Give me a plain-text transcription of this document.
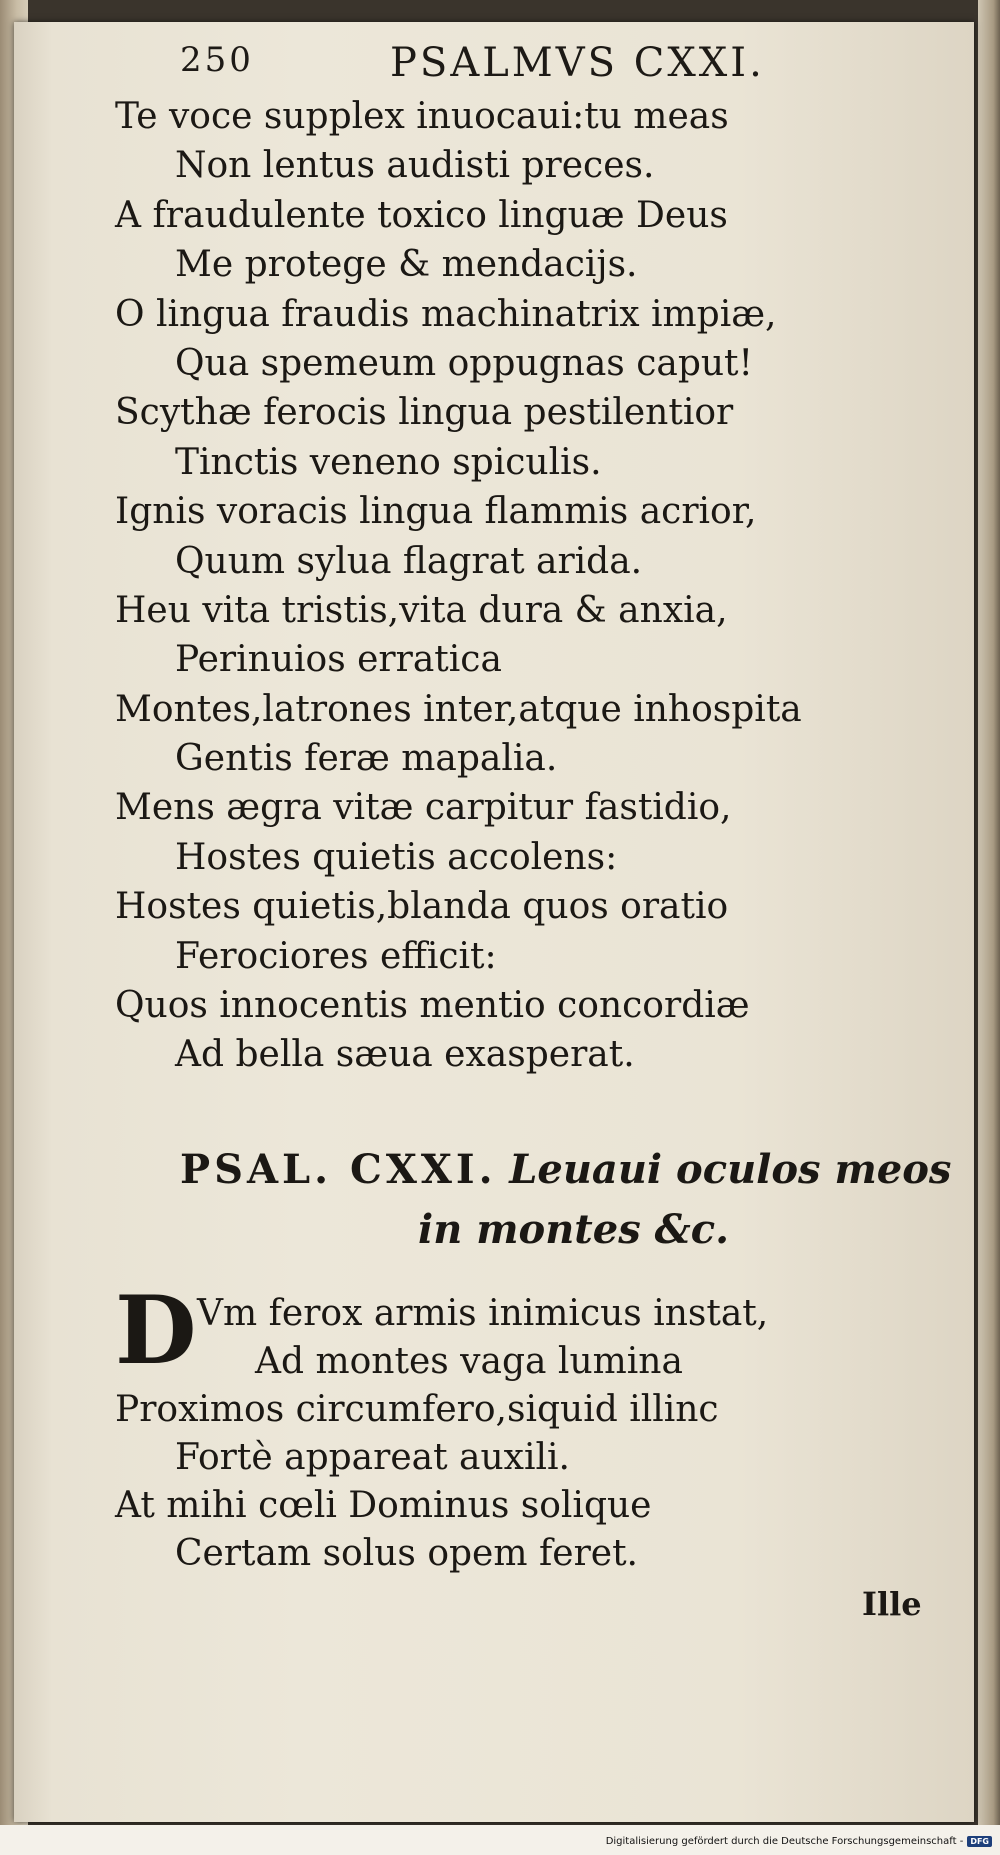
250	PSALMVS CXXI.
Te voce supplex inuocaui:tu meas
Non lentus audisti preces.
A fraudulente toxico linguæ Deus
Me protege & mendacijs.
O lingua fraudis machinatrix impiæ,
Qua spemeum oppugnas caput!
Scythæ ferocis lingua pestilentior
Tinctis veneno spiculis.
Ignis voracis lingua flammis acrior,
Quum sylua flagrat arida.
Heu vita tristis,vita dura & anxia,
Perinuios erratica
Montes,latrones inter,atque inhospita
Gentis feræ mapalia.
Mens ægra vitæ carpitur fastidio,
Hostes quietis accolens:
Hostes quietis,blanda quos oratio
Ferociores efficit:
Quos innocentis mentio concordiæ
Ad bella sæua exasperat.
PSAL. CXXI. Leuaui oculos meos
in montes &c.
D Vm ferox armis inimicus instat,
Ad montes vaga lumina
Proximos circumfero,siquid illinc
Fortè appareat auxili.
At mihi cœli Dominus solique
Certam solus opem feret.
Ille
Digitalisierung gefördert durch die Deutsche Forschungsgemeinschaft - DFG
